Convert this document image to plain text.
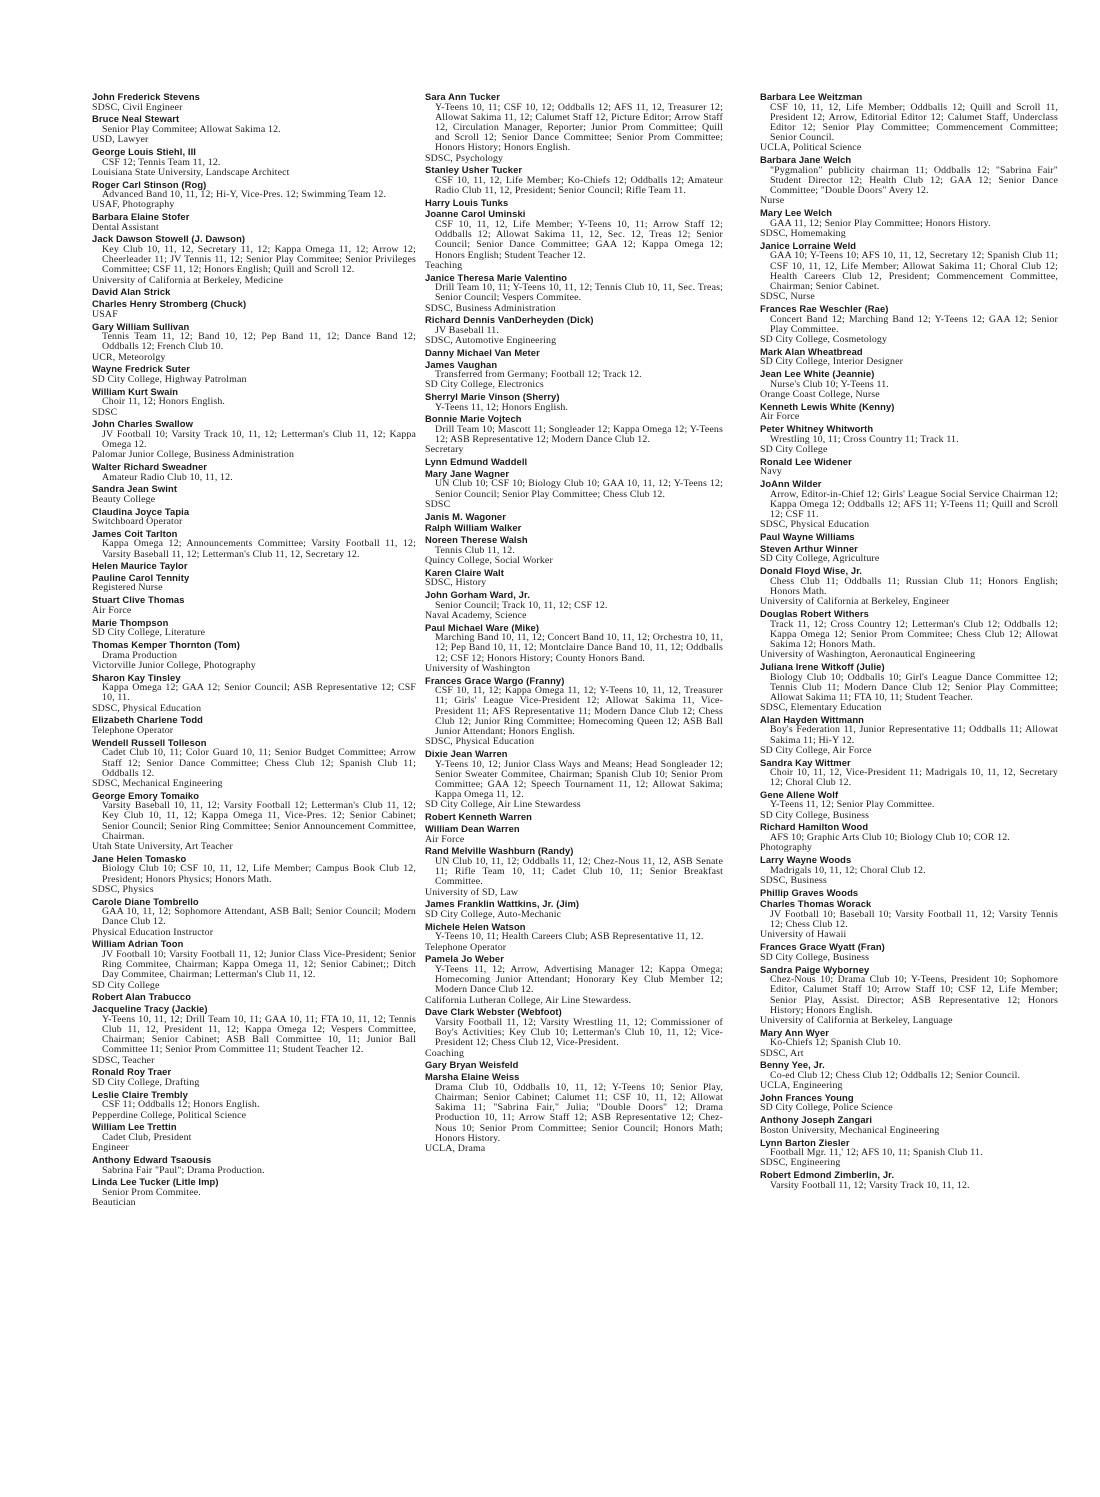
John Frederick Stevens
SDSC, Civil Engineer
Bruce Neal Stewart
Senior Play Commitee; Allowat Sakima 12.
USD, Lawyer
George Louis Stiehl, III
CSF 12; Tennis Team 11, 12.
Louisiana State University, Landscape Architect
Roger Carl Stinson (Rog)
Advanced Band 10, 11, 12; Hi-Y, Vice-Pres. 12; Swimming Team 12.
USAF, Photography
Barbara Elaine Stofer
Dental Assistant
Jack Dawson Stowell (J. Dawson)
Key Club 10, 11, 12, Secretary 11, 12; Kappa Omega 11, 12; Arrow 12; Cheerleader 11; JV Tennis 11, 12; Senior Play Commitee; Senior Privileges Committee; CSF 11, 12; Honors English; Quill and Scroll 12.
University of California at Berkeley, Medicine
David Alan Strick
Charles Henry Stromberg (Chuck)
USAF
Gary William Sullivan
Tennis Team 11, 12; Band 10, 12; Pep Band 11, 12; Dance Band 12; Oddballs 12; French Club 10.
UCR, Meteorolgy
Wayne Fredrick Suter
SD City College, Highway Patrolman
William Kurt Swain
Choir 11, 12; Honors English.
SDSC
John Charles Swallow
JV Football 10; Varsity Track 10, 11, 12; Letterman's Club 11, 12; Kappa Omega 12.
Palomar Junior College, Business Administration
Walter Richard Sweadner
Amateur Radio Club 10, 11, 12.
Sandra Jean Swint
Beauty College
Claudina Joyce Tapia
Switchboard Operator
James Coit Tarlton
Kappa Omega 12; Announcements Committee; Varsity Football 11, 12; Varsity Baseball 11, 12; Letterman's Club 11, 12, Secretary 12.
Helen Maurice Taylor
Pauline Carol Tennity
Registered Nurse
Stuart Clive Thomas
Air Force
Marie Thompson
SD City College, Literature
Thomas Kemper Thornton (Tom)
Drama Production
Victorville Junior College, Photography
Sharon Kay Tinsley
Kappa Omega 12; GAA 12; Senior Council; ASB Representative 12; CSF 10, 11.
SDSC, Physical Education
Elizabeth Charlene Todd
Telephone Operator
Wendell Russell Tolleson
Cadet Club 10, 11; Color Guard 10, 11; Senior Budget Committee; Arrow Staff 12; Senior Dance Committee; Chess Club 12; Spanish Club 11; Oddballs 12.
SDSC, Mechanical Engineering
George Emory Tomaiko
Varsity Baseball 10, 11, 12; Varsity Football 12; Letterman's Club 11, 12; Key Club 10, 11, 12; Kappa Omega 11, Vice-Pres. 12; Senior Cabinet; Senior Council; Senior Ring Committee; Senior Announcement Committee, Chairman.
Utah State University, Art Teacher
Jane Helen Tomasko
Biology Club 10; CSF 10, 11, 12, Life Member; Campus Book Club 12, President; Honors Physics; Honors Math.
SDSC, Physics
Carole Diane Tombrello
GAA 10, 11, 12; Sophomore Attendant, ASB Ball; Senior Council; Modern Dance Club 12.
Physical Education Instructor
William Adrian Toon
JV Football 10; Varsity Football 11, 12; Junior Class Vice-President; Senior Ring Commitee, Chairman; Kappa Omega 11, 12; Senior Cabinet;; Ditch Day Commitee, Chairman; Letterman's Club 11, 12.
SD City College
Robert Alan Trabucco
Jacqueline Tracy (Jackie)
Y-Teens 10, 11, 12; Drill Team 10, 11; GAA 10, 11; FTA 10, 11, 12; Tennis Club 11, 12, President 11, 12; Kappa Omega 12; Vespers Committee, Chairman; Senior Cabinet; ASB Ball Committee 10, 11; Junior Ball Committee 11; Senior Prom Committee 11; Student Teacher 12.
SDSC, Teacher
Ronald Roy Traer
SD City College, Drafting
Leslie Claire Trembly
CSF 11; Oddballs 12; Honors English.
Pepperdine College, Political Science
William Lee Trettin
Cadet Club, President
Engineer
Anthony Edward Tsaousis
Sabrina Fair "Paul"; Drama Production.
Linda Lee Tucker (Litle Imp)
Senior Prom Commitee.
Beautician
Sara Ann Tucker
Y-Teens 10, 11; CSF 10, 12; Oddballs 12; AFS 11, 12, Treasurer 12; Allowat Sakima 11, 12; Calumet Staff 12, Picture Editor; Arrow Staff 12, Circulation Manager, Reporter; Junior Prom Committee; Quill and Scroll 12; Senior Dance Committee; Senior Prom Committee; Honors History; Honors English.
SDSC, Psychology
Stanley Usher Tucker
CSF 10, 11, 12, Life Member; Ko-Chiefs 12; Oddballs 12; Amateur Radio Club 11, 12, President; Senior Council; Rifle Team 11.
Harry Louis Tunks
Joanne Carol Uminski
CSF 10, 11, 12, Life Member; Y-Teens 10, 11; Arrow Staff 12; Oddballs 12; Allowat Sakima 11, 12, Sec. 12, Treas 12; Senior Council; Senior Dance Committee; GAA 12; Kappa Omega 12; Honors English; Student Teacher 12.
Teaching
Janice Theresa Marie Valentino
Drill Team 10, 11; Y-Teens 10, 11, 12; Tennis Club 10, 11, Sec. Treas; Senior Council; Vespers Commitee.
SDSC, Business Administration
Richard Dennis VanDerheyden (Dick)
JV Baseball 11.
SDSC, Automotive Engineering
Danny Michael Van Meter
James Vaughan
Transferred from Germany; Football 12; Track 12.
SD City College, Electronics
Sherryl Marie Vinson (Sherry)
Y-Teens 11, 12; Honors English.
Bonnie Marie Vojtech
Drill Team 10; Mascott 11; Songleader 12; Kappa Omega 12; Y-Teens 12; ASB Representative 12; Modern Dance Club 12.
Secretary
Lynn Edmund Waddell
Mary Jane Wagner
UN Club 10; CSF 10; Biology Club 10; GAA 10, 11, 12; Y-Teens 12; Senior Council; Senior Play Committee; Chess Club 12.
SDSC
Janis M. Wagoner
Ralph William Walker
Noreen Therese Walsh
Tennis Club 11, 12.
Quincy College, Social Worker
Karen Claire Walt
SDSC, History
John Gorham Ward, Jr.
Senior Council; Track 10, 11, 12; CSF 12.
Naval Academy, Science
Paul Michael Ware (Mike)
Marching Band 10, 11, 12; Concert Band 10, 11, 12; Orchestra 10, 11, 12; Pep Band 10, 11, 12; Montclaire Dance Band 10, 11, 12; Oddballs 12; CSF 12; Honors History; County Honors Band.
University of Washington
Frances Grace Wargo (Franny)
CSF 10, 11, 12; Kappa Omega 11, 12; Y-Teens 10, 11, 12, Treasurer 11; Girls' League Vice-President 12; Allowat Sakima 11, Vice-President 11; AFS Representative 11; Modern Dance Club 12; Chess Club 12; Junior Ring Committee; Homecoming Queen 12; ASB Ball Junior Attendant; Honors English.
SDSC, Physical Education
Dixie Jean Warren
Y-Teens 10, 12; Junior Class Ways and Means; Head Songleader 12; Senior Sweater Commitee, Chairman; Spanish Club 10; Senior Prom Committee; GAA 12; Speech Tournament 11, 12; Allowat Sakima; Kappa Omega 11, 12.
SD City College, Air Line Stewardess
Robert Kenneth Warren
William Dean Warren
Air Force
Rand Melville Washburn (Randy)
UN Club 10, 11, 12; Oddballs 11, 12; Chez-Nous 11, 12, ASB Senate 11; Rifle Team 10, 11; Cadet Club 10, 11; Senior Breakfast Committee.
University of SD, Law
James Franklin Wattkins, Jr. (Jim)
SD City College, Auto-Mechanic
Michele Helen Watson
Y-Teens 10, 11; Health Careers Club; ASB Representative 11, 12.
Telephone Operator
Pamela Jo Weber
Y-Teens 11, 12; Arrow, Advertising Manager 12; Kappa Omega; Homecoming Junior Attendant; Honorary Key Club Member 12; Modern Dance Club 12.
California Lutheran College, Air Line Stewardess.
Dave Clark Webster (Webfoot)
Varsity Football 11, 12; Varsity Wrestling 11, 12; Commissioner of Boy's Activities; Key Club 10; Letterman's Club 10, 11, 12; Vice-President 12; Chess Club 12, Vice-President.
Coaching
Gary Bryan Weisfeld
Marsha Elaine Weiss
Drama Club 10, Oddballs 10, 11, 12; Y-Teens 10; Senior Play, Chairman; Senior Cabinet; Calumet 11; CSF 10, 11, 12; Allowat Sakima 11; "Sabrina Fair," Julia; "Double Doors" 12; Drama Production 10, 11; Arrow Staff 12; ASB Representative 12; Chez-Nous 10; Senior Prom Committee; Senior Council; Honors Math; Honors History.
UCLA, Drama
Barbara Lee Weitzman
CSF 10, 11, 12, Life Member; Oddballs 12; Quill and Scroll 11, President 12; Arrow, Editorial Editor 12; Calumet Staff, Underclass Editor 12; Senior Play Committee; Commencement Committee; Senior Council.
UCLA, Political Science
Barbara Jane Welch
"Pygmalion" publicity chairman 11; Oddballs 12; "Sabrina Fair" Student Director 12; Health Club 12; GAA 12; Senior Dance Committee; "Double Doors" Avery 12.
Nurse
Mary Lee Welch
GAA 11, 12; Senior Play Committee; Honors History.
SDSC, Homemaking
Janice Lorraine Weld
GAA 10; Y-Teens 10; AFS 10, 11, 12, Secretary 12; Spanish Club 11; CSF 10, 11, 12, Life Member; Allowat Sakima 11; Choral Club 12; Health Careers Club 12, President; Commencement Committee, Chairman; Senior Cabinet.
SDSC, Nurse
Frances Rae Weschler (Rae)
Concert Band 12; Marching Band 12; Y-Teens 12; GAA 12; Senior Play Committee.
SD City College, Cosmetology
Mark Alan Wheatbread
SD City College, Interior Designer
Jean Lee White (Jeannie)
Nurse's Club 10; Y-Teens 11.
Orange Coast College, Nurse
Kenneth Lewis White (Kenny)
Air Force
Peter Whitney Whitworth
Wrestling 10, 11; Cross Country 11; Track 11.
SD City College
Ronald Lee Widener
Navy
JoAnn Wilder
Arrow, Editor-in-Chief 12; Girls' League Social Service Chairman 12; Kappa Omega 12; Oddballs 12; AFS 11; Y-Teens 11; Quill and Scroll 12; CSF 11.
SDSC, Physical Education
Paul Wayne Williams
Steven Arthur Winner
SD City College, Agriculture
Donald Floyd Wise, Jr.
Chess Club 11; Oddballs 11; Russian Club 11; Honors English; Honors Math.
University of California at Berkeley, Engineer
Douglas Robert Withers
Track 11, 12; Cross Country 12; Letterman's Club 12; Oddballs 12; Kappa Omega 12; Senior Prom Commitee; Chess Club 12; Allowat Sakima 12; Honors Math.
University of Washington, Aeronautical Engineering
Juliana Irene Witkoff (Julie)
Biology Club 10; Oddballs 10; Girl's League Dance Committee 12; Tennis Club 11; Modern Dance Club 12; Senior Play Committee; Allowat Sakima 11; FTA 10, 11; Student Teacher.
SDSC, Elementary Education
Alan Hayden Wittmann
Boy's Federation 11, Junior Representative 11; Oddballs 11; Allowat Sakima 11; Hi-Y 12.
SD City College, Air Force
Sandra Kay Wittmer
Choir 10, 11, 12, Vice-President 11; Madrigals 10, 11, 12, Secretary 12; Choral Club 12.
Gene Allene Wolf
Y-Teens 11, 12; Senior Play Committee.
SD City College, Business
Richard Hamilton Wood
AFS 10; Graphic Arts Club 10; Biology Club 10; COR 12.
Photography
Larry Wayne Woods
Madrigals 10, 11, 12; Choral Club 12.
SDSC, Business
Phillip Graves Woods
Charles Thomas Worack
JV Football 10; Baseball 10; Varsity Football 11, 12; Varsity Tennis 12; Chess Club 12.
University of Hawaii
Frances Grace Wyatt (Fran)
SD City College, Business
Sandra Paige Wyborney
Chez-Nous 10; Drama Club 10; Y-Teens, President 10; Sophomore Editor, Calumet Staff 10; Arrow Staff 10; CSF 12, Life Member; Senior Play, Assist. Director; ASB Representative 12; Honors History; Honors English.
University of California at Berkeley, Language
Mary Ann Wyer
Ko-Chiefs 12; Spanish Club 10.
SDSC, Art
Benny Yee, Jr.
Co-ed Club 12; Chess Club 12; Oddballs 12; Senior Council.
UCLA, Engineering
John Frances Young
SD City College, Police Science
Anthony Joseph Zangari
Boston University, Mechanical Engineering
Lynn Barton Ziesler
Football Mgr. 11,' 12; AFS 10, 11; Spanish Club 11.
SDSC, Engineering
Robert Edmond Zimberlin, Jr.
Varsity Football 11, 12; Varsity Track 10, 11, 12.
